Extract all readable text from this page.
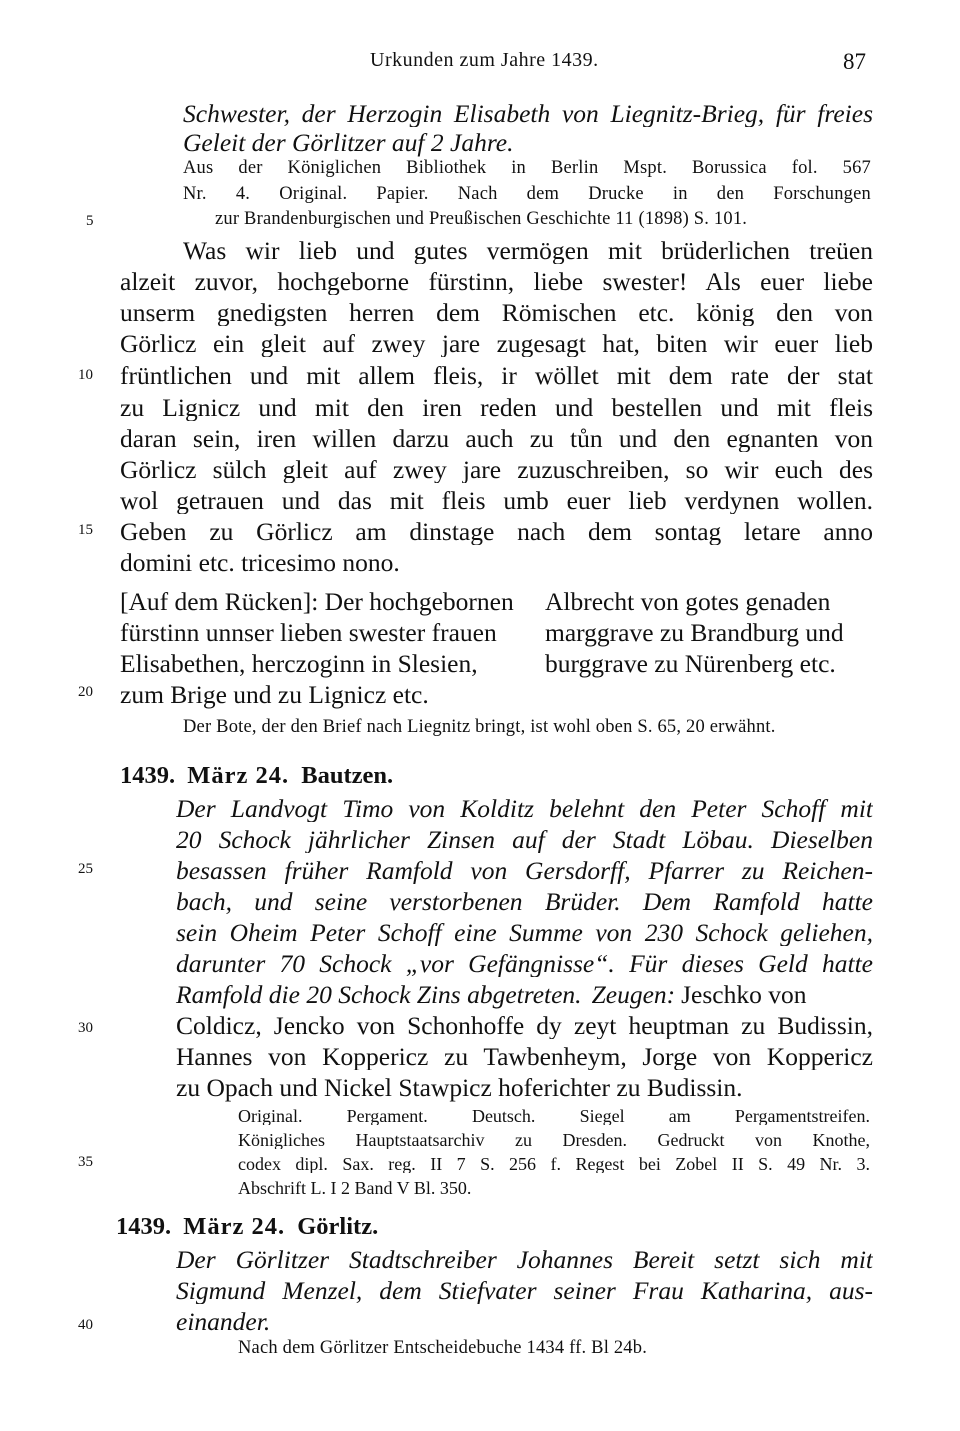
Urkunden zum Jahre 1439.	87
5
10
15
20
25
30
35
40
Schwester, der Herzogin Elisabeth von Liegnitz-Brieg, für freies
Geleit der Görlitzer auf 2 Jahre.
Aus der Königlichen Bibliothek in Berlin Mspt. Borussica fol. 567
Nr. 4. Original. Papier. Nach dem Drucke in den Forschungen
zur Brandenburgischen und Preußischen Geschichte 11 (1898) S. 101.
Was wir lieb und gutes vermögen mit brüderlichen treüen
alzeit zuvor, hochgeborne fürstinn, liebe swester! Als euer liebe
unserm gnedigsten herren dem Römischen etc. könig den von
Görlicz ein gleit auf zwey jare zugesagt hat, biten wir euer lieb
früntlichen und mit allem fleis, ir wöllet mit dem rate der stat
zu Lignicz und mit den iren reden und bestellen und mit fleis
daran sein, iren willen darzu auch zu tůn und den egnanten von
Görlicz sülch gleit auf zwey jare zuzuschreiben, so wir euch des
wol getrauen und das mit fleis umb euer lieb verdynen wollen.
Geben zu Görlicz am dinstage nach dem sontag letare anno
domini etc. tricesimo nono.
[Auf dem Rücken]: Der hochgebornen
fürstinn unnser lieben swester frauen
Elisabethen, herczoginn in Slesien,
zum Brige und zu Lignicz etc.
Albrecht von gotes genaden
marggrave zu Brandburg und
burggrave zu Nürenberg etc.
Der Bote, der den Brief nach Liegnitz bringt, ist wohl oben S. 65, 20 erwähnt.
1439. März 24. Bautzen.
Der Landvogt Timo von Kolditz belehnt den Peter Schoff mit
20 Schock jährlicher Zinsen auf der Stadt Löbau. Dieselben
besassen früher Ramfold von Gersdorff, Pfarrer zu Reichen-
bach, und seine verstorbenen Brüder. Dem Ramfold hatte
sein Oheim Peter Schoff eine Summe von 230 Schock geliehen,
darunter 70 Schock „vor Gefängnisse“. Für dieses Geld hatte
Ramfold die 20 Schock Zins abgetreten. Zeugen: Jeschko von
Coldicz, Jencko von Schonhoffe dy zeyt heuptman zu Budissin,
Hannes von Koppericz zu Tawbenheym, Jorge von Koppericz
zu Opach und Nickel Stawpicz hoferichter zu Budissin.
Original. Pergament. Deutsch. Siegel am Pergamentstreifen.
Königliches Hauptstaatsarchiv zu Dresden. Gedruckt von Knothe,
codex dipl. Sax. reg. II 7 S. 256 f. Regest bei Zobel II S. 49 Nr. 3.
Abschrift L. I 2 Band V Bl. 350.
1439. März 24. Görlitz.
Der Görlitzer Stadtschreiber Johannes Bereit setzt sich mit
Sigmund Menzel, dem Stiefvater seiner Frau Katharina, aus-
einander.
Nach dem Görlitzer Entscheidebuche 1434 ff. Bl 24b.
